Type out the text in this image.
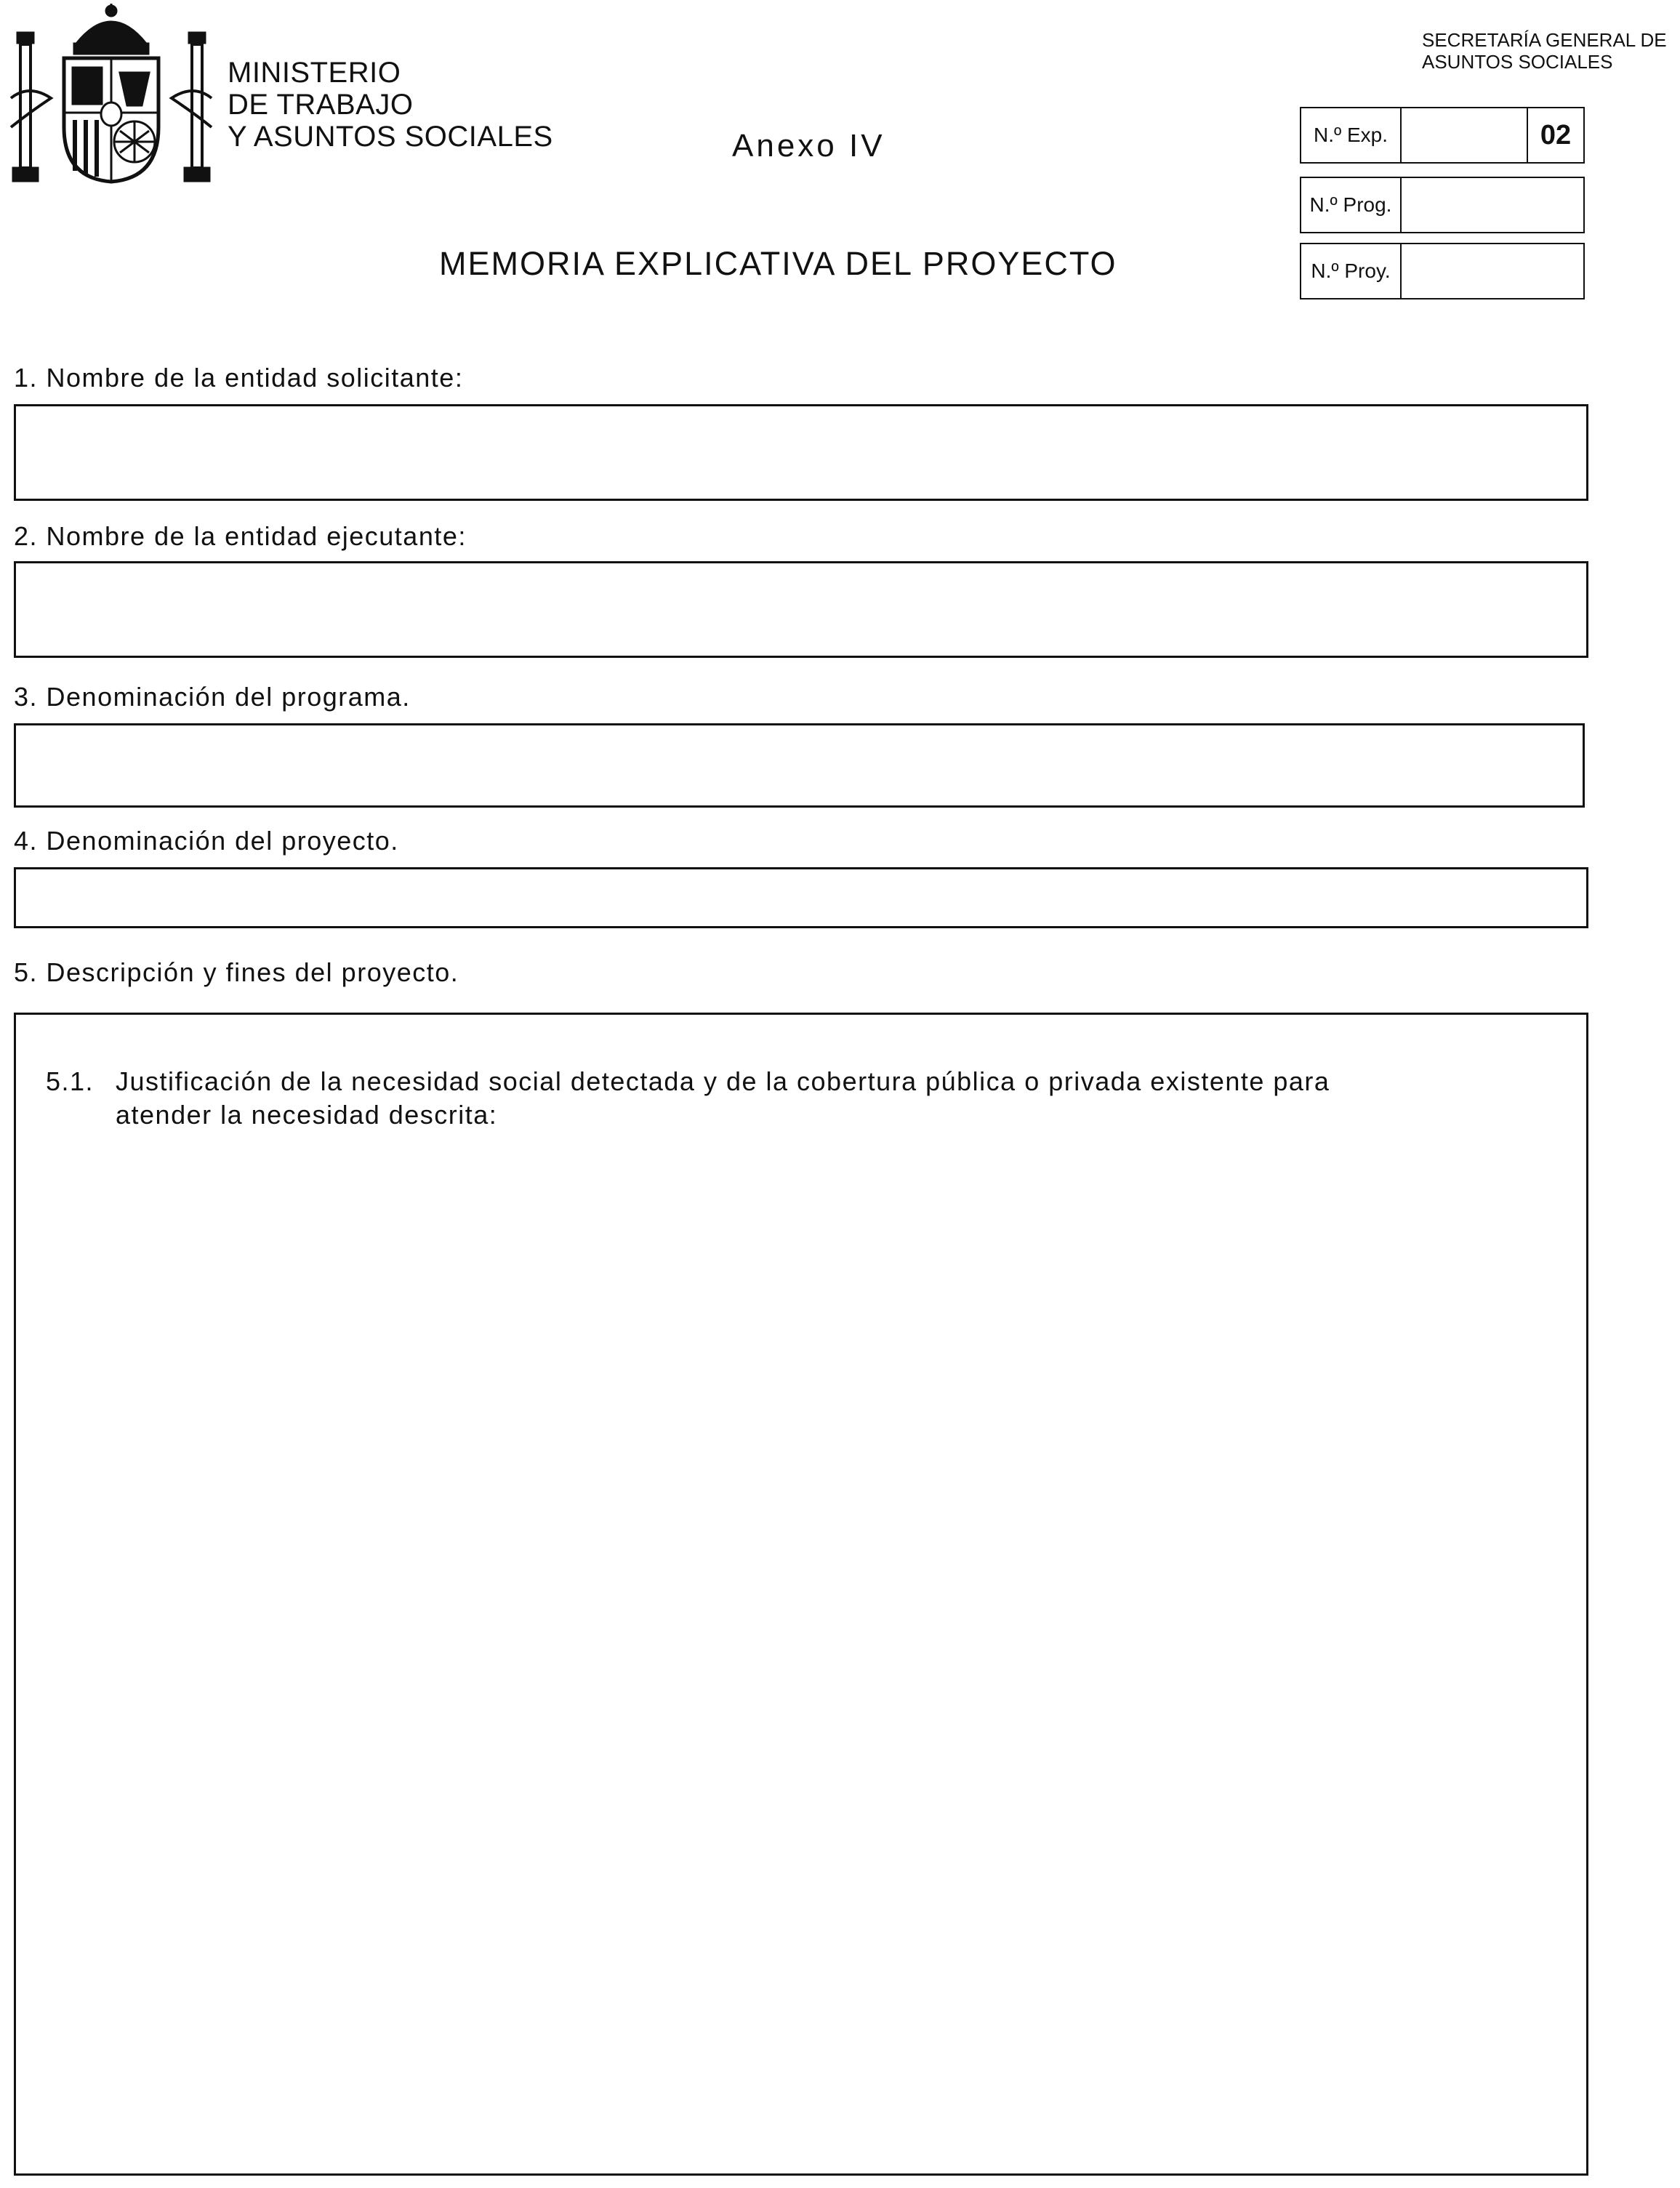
MINISTERIO
DE TRABAJO
Y ASUNTOS SOCIALES	Anexo IV
SECRETARÍA GENERAL DE
ASUNTOS SOCIALES
MEMORIA EXPLICATIVA DEL PROYECTO
N.º Exp.	02
N.º Prog.
N.º Proy.
1. Nombre de la entidad solicitante:
2. Nombre de la entidad ejecutante:
3. Denominación del programa.
4. Denominación del proyecto.
5. Descripción y fines del proyecto.
5.1. Justificación de la necesidad social detectada y de la cobertura pública o privada existente para
atender la necesidad descrita:
